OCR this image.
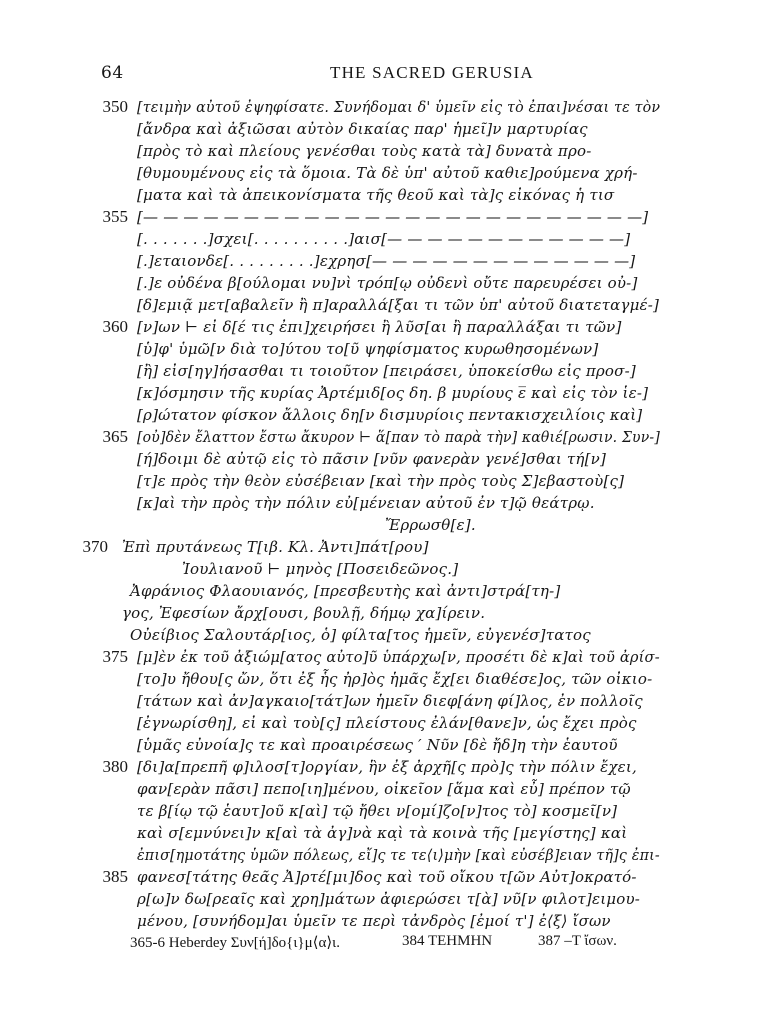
64	THE SACRED GERUSIA
350 [τειμὴν αὐτοῦ ἐψηφίσατε. Συνήδομαι δ' ὑμεῖν εἰς τὸ ἐπαι]νέσαι τε τὸν
[ἄνδρα καὶ ἀξιῶσαι αὐτὸν δικαίας παρ' ἡμεῖ]ν μαρτυρίας
[πρὸς τὸ καὶ πλείους γενέσθαι τοὺς κατὰ τὰ] δυνατὰ προ-
[θυμουμένους εἰς τὰ ὅμοια. Τὰ δὲ ὑπ' αὐτοῦ καθιε]ρούμενα χρή-
[ματα καὶ τὰ ἀπεικονίσματα τῆς θεοῦ καὶ τὰ]ς εἰκόνας ἡ τισ
355 [— — — — — — — — — — — — — — — — — — — — — — — — —]
[. . . . . . .]σχει[. . . . . . . . . .]αισ[— — — — — — — — — — — —]
[.]εταιονδε[. . . . . . . . .]εχρησ[— — — — — — — — — — — — —]
[.]ε οὐδένα β[ούλομαι νυ]νὶ τρόπ[ῳ οὐδενὶ οὔτε παρευρέσει οὐ-]
[δ]εμιᾷ μετ[αβαλεῖν ἢ π]αραλλά[ξαι τι τῶν ὑπ' αὐτοῦ διατεταγμέ-]
360 [ν]ων ⊢ εἰ δ[έ τις ἐπι]χειρήσει ἢ λῦσ[αι ἢ παραλλάξαι τι τῶν]
[ὑ]φ' ὑμῶ[ν διὰ το]ύτου το[ῦ ψηφίσματος κυρωθησομένων]
[ἢ] εἰσ[ηγ]ήσασθαι τι τοιοῦτον [πειράσει, ὑποκείσθω εἰς προσ-]
[κ]όσμησιν τῆς κυρίας Ἀρτέμιδ[ος δη. β μυρίους ε̅ καὶ εἰς τὸν ἱε-]
[ρ]ώτατον φίσκον ἄλλοις δη[ν δισμυρίοις πεντακισχειλίοις καὶ]
365 [οὐ]δὲν ἔλαττον ἔστω ἄκυρον ⊢ ἅ[παν τὸ παρὰ τὴν] καθιέ[ρωσιν. Συν-]
[ή]δοιμι δὲ αὐτῷ εἰς τὸ πᾶσιν [νῦν φανερὰν γενέ]σθαι τή[ν]
[τ]ε πρὸς τὴν θεὸν εὐσέβειαν [καὶ τὴν πρὸς τοὺς Σ]εβαστοὺ[ς]
[κ]αὶ τὴν πρὸς τὴν πόλιν εὐ[μένειαν αὐτοῦ ἐν τ]ῷ θεάτρῳ.
Ἔρρωσθ[ε].
370 Ἐπὶ πρυτάνεως Τ[ιβ. Κλ. Ἀντι]πάτ[ρου]
Ἰουλιανοῦ ⊢ μηνὸς [Ποσειδεῶνος.]
Ἀφράνιος Φλαουιανός, [πρεσβευτὴς καὶ ἀντι]στρά[τη-]
γος, Ἐφεσίων ἄρχ[ουσι, βουλῇ, δήμῳ χα]ίρειν.
Οὐείβιος Σαλουτάρ[ιος, ὁ] φίλτα[τος ἡμεῖν, εὐγενέσ]τατος
375 [μ]ὲν ἐκ τοῦ ἀξιώμ[ατος αὐτο]ῦ ὑπάρχω[ν, προσέτι δὲ κ]αὶ τοῦ ἀρίσ-
[το]υ ἤθου[ς ὤν, ὅτι ἐξ ἧς ἠρ]ὸς ἡμᾶς ἔχ[ει διαθέσε]ος, τῶν οἰκιο-
[τάτων καὶ ἀν]αγκαιο[τάτ]ων ἡμεῖν διεφ[άνη φί]λος, ἐν πολλοῖς
[ἐγνωρίσθη], εἰ καὶ τοὺ[ς] πλείστους ἐλάν[θανε]ν, ὡς ἔχει πρὸς
[ὑμᾶς εὐνοία]ς τε καὶ προαιρέσεως ′ Νῦν [δὲ ἤδ]η τὴν ἑαυτοῦ
380 [δι]α[πρεπῆ φ]ιλοσ[τ]οργίαν, ἣν ἐξ ἀρχῆ[ς πρὸ]ς τὴν πόλιν ἔχει,
φαν[ερὰν πᾶσι] πεπο[ιη]μένου, οἰκεῖον [ἅμα καὶ εὖ] πρέπον τῷ
τε β[ίῳ τῷ ἑαυτ]οῦ κ[αὶ] τῷ ἤθει ν[ομί]ζο[ν]τος τὸ] κοσμεῖ[ν]
καὶ σ[εμνύνει]ν κ[αὶ τὰ ἀγ]νὰ κα̣ὶ τὰ κοινὰ τῆς [μεγίστης] καὶ
ἐπισ[ημοτάτης ὑμῶν πόλεως, εἴ]ς τε τε⟨ι⟩μὴν [καὶ εὐσέβ]ειαν τῆ]ς ἐπι-
385 φανεσ[τάτης θεᾶς Ἀ]ρτέ[μι]δος καὶ τοῦ οἴκου τ[ῶν Αὐτ]οκρατό-
ρ[ω]ν δω[ρεαῖς καὶ χρη]μάτων ἀφιερώσει τ[ὰ] νῦ[ν φιλοτ]ειμου-
μένου, [συνήδομ]αι ὑμεῖν τε περὶ τἀνδρὸς [ἐμοί τ'] ἐ⟨ξ⟩ ἴσων
365-6 Heberdey Συν[ή]δο{ι}μ⟨α⟩ι.	384 ΤΕΗΜΗΝ	387 –Τ ἴσων.
